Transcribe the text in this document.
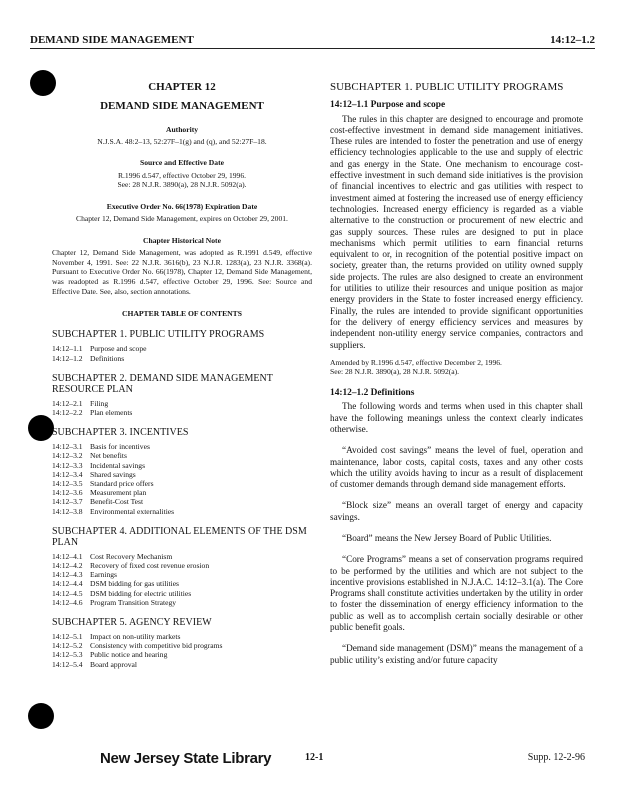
DEMAND SIDE MANAGEMENT	14:12–1.2
CHAPTER 12
DEMAND SIDE MANAGEMENT
Authority
N.J.S.A. 48:2–13, 52:27F–1(g) and (q), and 52:27F–18.
Source and Effective Date
R.1996 d.547, effective October 29, 1996.
See: 28 N.J.R. 3890(a), 28 N.J.R. 5092(a).
Executive Order No. 66(1978) Expiration Date
Chapter 12, Demand Side Management, expires on October 29, 2001.
Chapter Historical Note
Chapter 12, Demand Side Management, was adopted as R.1991 d.549, effective November 4, 1991. See: 22 N.J.R. 3616(b), 23 N.J.R. 1283(a), 23 N.J.R. 3368(a). Pursuant to Executive Order No. 66(1978), Chapter 12, Demand Side Management, was readopted as R.1996 d.547, effective October 29, 1996. See: Source and Effective Date. See, also, section annotations.
CHAPTER TABLE OF CONTENTS
SUBCHAPTER 1. PUBLIC UTILITY PROGRAMS
14:12–1.1 Purpose and scope
14:12–1.2 Definitions
SUBCHAPTER 2. DEMAND SIDE MANAGEMENT RESOURCE PLAN
14:12–2.1 Filing
14:12–2.2 Plan elements
SUBCHAPTER 3. INCENTIVES
14:12–3.1 Basis for incentives
14:12–3.2 Net benefits
14:12–3.3 Incidental savings
14:12–3.4 Shared savings
14:12–3.5 Standard price offers
14:12–3.6 Measurement plan
14:12–3.7 Benefit-Cost Test
14:12–3.8 Environmental externalities
SUBCHAPTER 4. ADDITIONAL ELEMENTS OF THE DSM PLAN
14:12–4.1 Cost Recovery Mechanism
14:12–4.2 Recovery of fixed cost revenue erosion
14:12–4.3 Earnings
14:12–4.4 DSM bidding for gas utilities
14:12–4.5 DSM bidding for electric utilities
14:12–4.6 Program Transition Strategy
SUBCHAPTER 5. AGENCY REVIEW
14:12–5.1 Impact on non-utility markets
14:12–5.2 Consistency with competitive bid programs
14:12–5.3 Public notice and hearing
14:12–5.4 Board approval
SUBCHAPTER 1. PUBLIC UTILITY PROGRAMS
14:12–1.1 Purpose and scope

The rules in this chapter are designed to encourage and promote cost-effective investment in demand side management initiatives. These rules are intended to foster the penetration and use of energy efficiency technologies applicable to the use and supply of electric and gas energy in the State. One mechanism to encourage cost-effective investment in such demand side initiatives is the provision of financial incentives to electric and gas utilities with respect to investment aimed at fostering the increased use of energy efficiency technologies. Increased energy efficiency is regarded as a viable alternative to the construction or procurement of new electric and gas supply sources. These rules are designed to put in place mechanisms which permit utilities to earn financial returns equivalent to or, in recognition of the potential positive impact on society, greater than, the returns provided on utility owned supply side projects. The rules are also designed to create an environment for utilities to utilize their resources and unique position as major energy providers in the State to foster increased energy efficiency. Finally, the rules are intended to provide significant opportunities for the delivery of energy efficiency services and measures by independent non-utility energy service companies, contractors and suppliers.

Amended by R.1996 d.547, effective December 2, 1996.
See: 28 N.J.R. 3890(a), 28 N.J.R. 5092(a).
14:12–1.2 Definitions

The following words and terms when used in this chapter shall have the following meanings unless the context clearly indicates otherwise.

“Avoided cost savings” means the level of fuel, operation and maintenance, labor costs, capital costs, taxes and any other costs which the utility avoids having to incur as a result of displacement of customer demands through demand side management efforts.

“Block size” means an overall target of energy and capacity savings.

“Board” means the New Jersey Board of Public Utilities.

“Core Programs” means a set of conservation programs required to be performed by the utilities and which are not subject to the incentive provisions established in N.J.A.C. 14:12–3.1(a). The Core Programs shall constitute activities undertaken by the utility in order to foster the dissemination of energy efficiency information to the public as well as to accomplish certain socially desirable or other public benefit goals.

“Demand side management (DSM)” means the management of a public utility’s existing and/or future capacity

New Jersey State Library	12-1	Supp. 12-2-96
